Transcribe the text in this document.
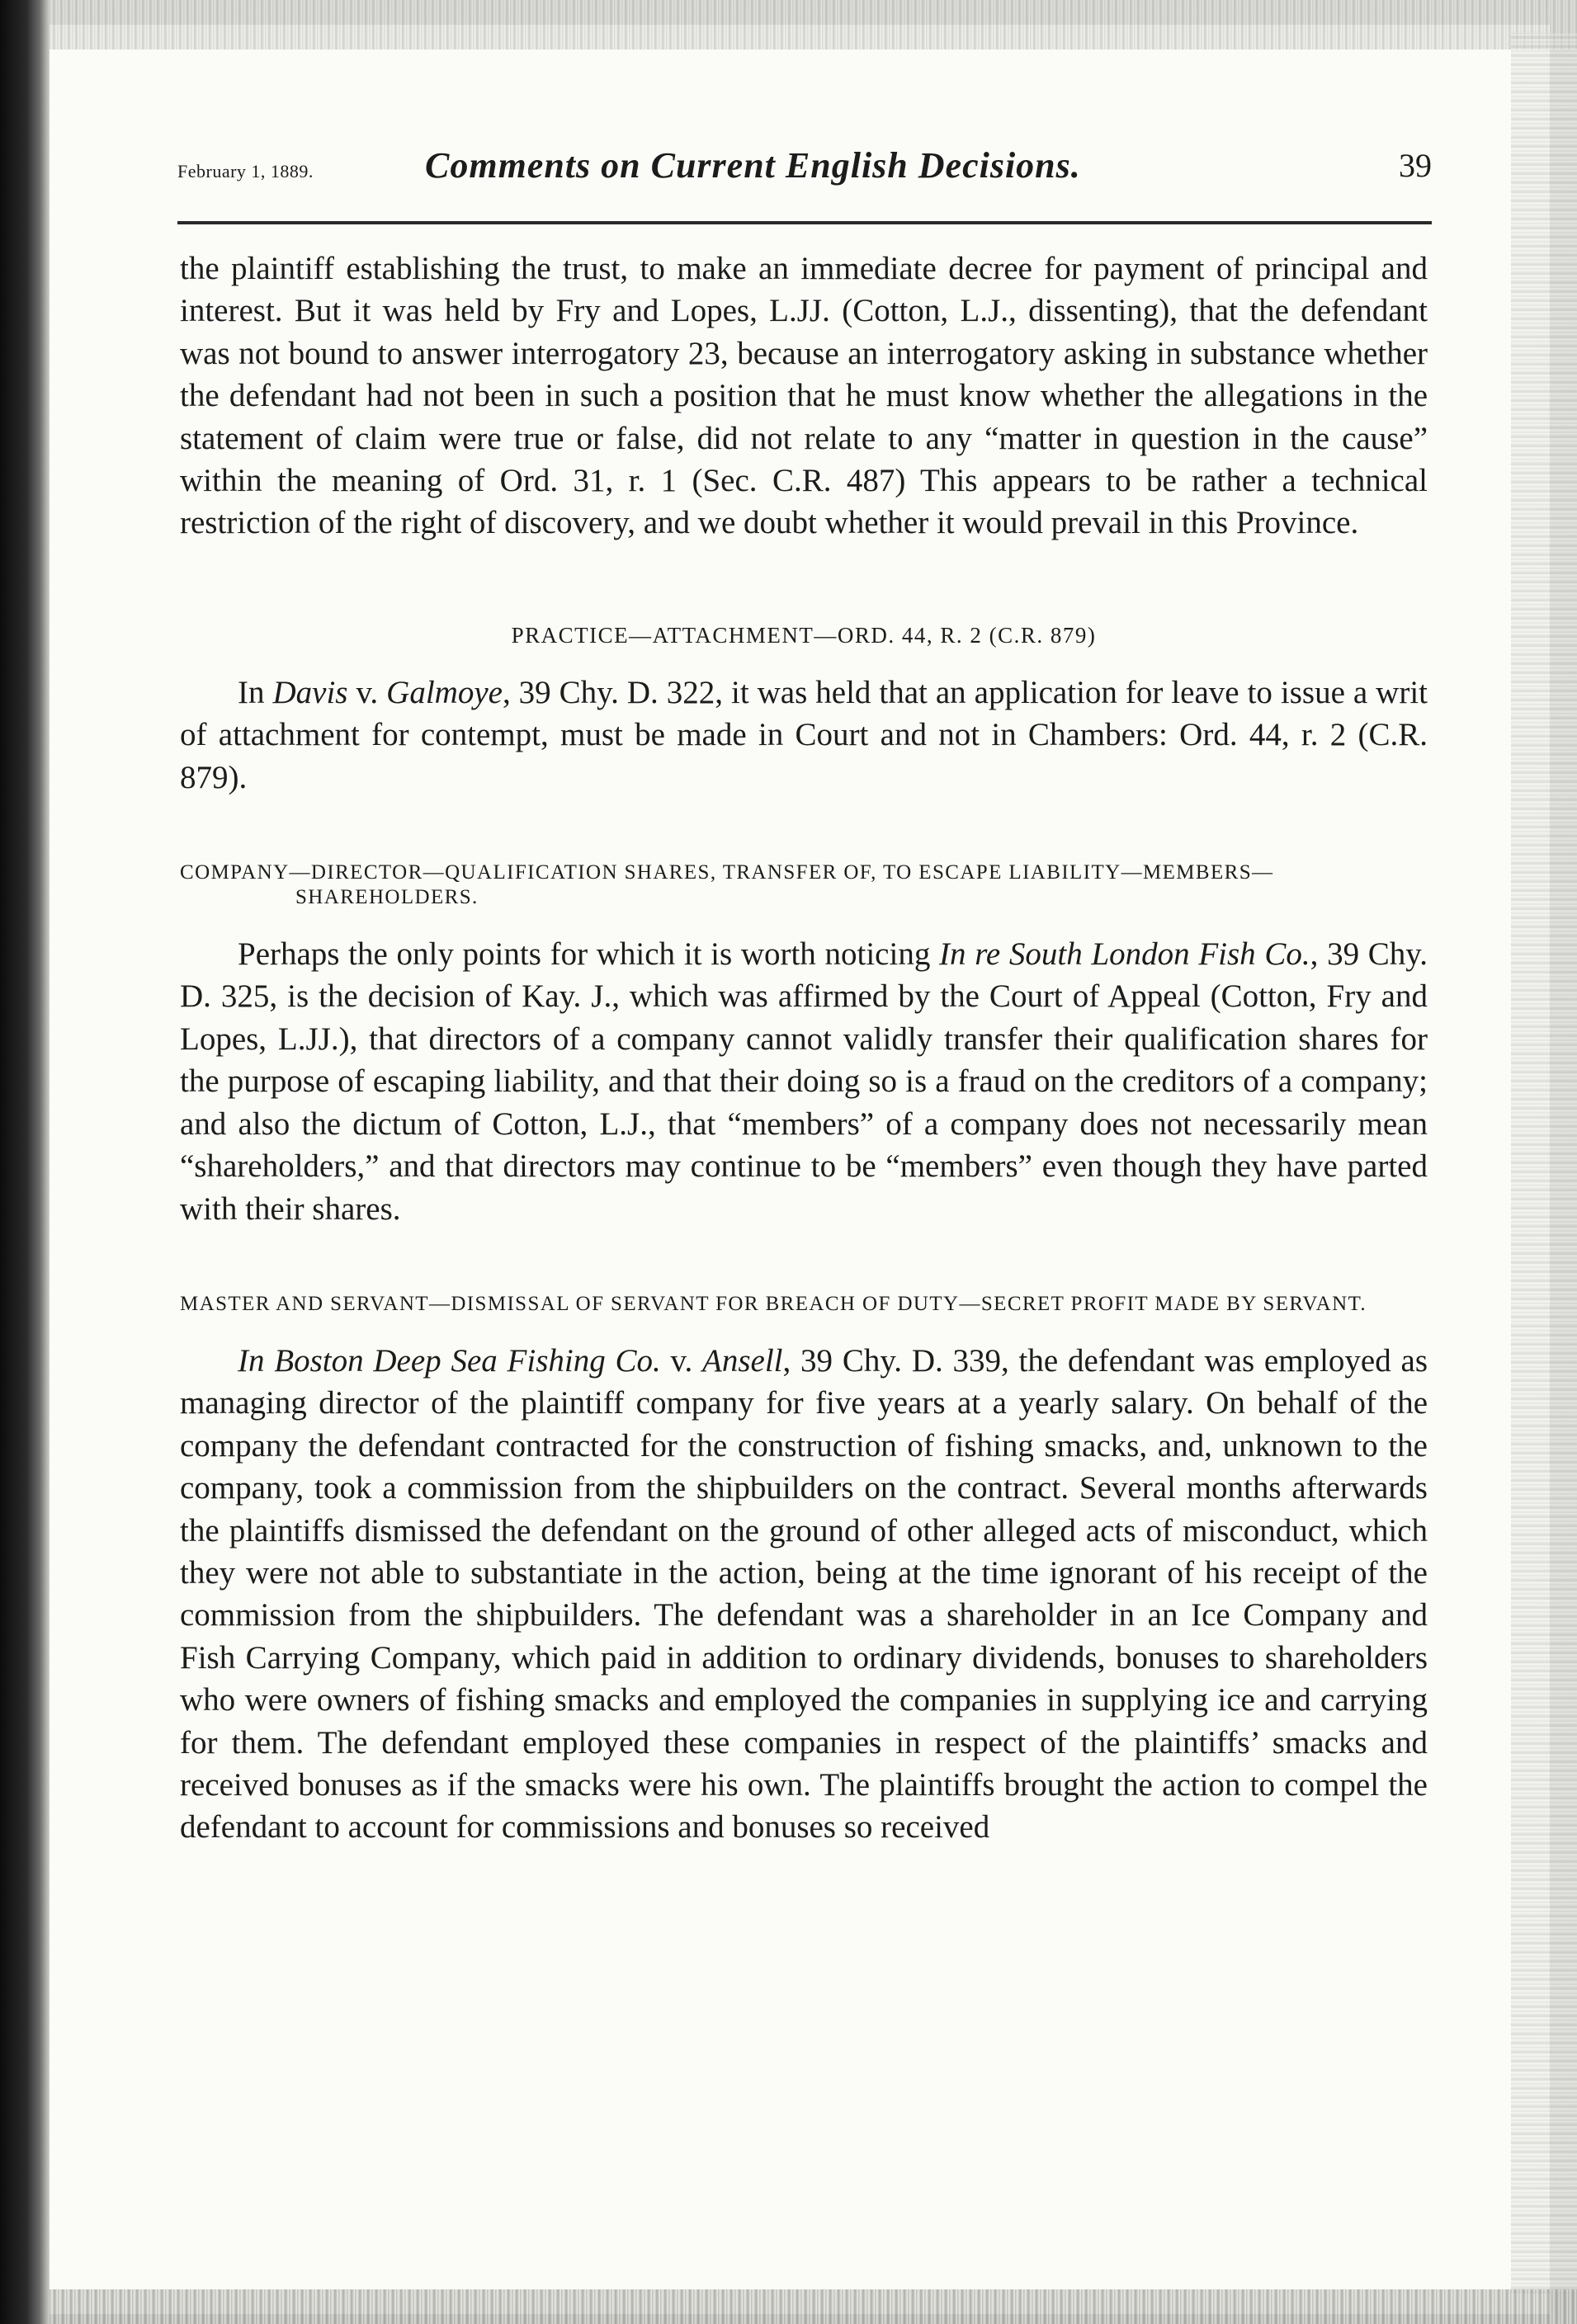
February 1, 1889.	Comments on Current English Decisions.	39

the plaintiff establishing the trust, to make an immediate decree for payment of principal and interest. But it was held by Fry and Lopes, L.JJ. (Cotton, L.J., dissenting), that the defendant was not bound to answer interrogatory 23, because an interrogatory asking in substance whether the defendant had not been in such a position that he must know whether the allegations in the statement of claim were true or false, did not relate to any “matter in question in the cause” within the meaning of Ord. 31, r. 1 (Sec. C.R. 487) This appears to be rather a technical restriction of the right of discovery, and we doubt whether it would prevail in this Province.

PRACTICE—ATTACHMENT—ORD. 44, R. 2 (C.R. 879)

In Davis v. Galmoye, 39 Chy. D. 322, it was held that an application for leave to issue a writ of attachment for contempt, must be made in Court and not in Chambers: Ord. 44, r. 2 (C.R. 879).

COMPANY—DIRECTOR—QUALIFICATION SHARES, TRANSFER OF, TO ESCAPE LIABILITY—MEMBERS—SHAREHOLDERS.

Perhaps the only points for which it is worth noticing In re South London Fish Co., 39 Chy. D. 325, is the decision of Kay. J., which was affirmed by the Court of Appeal (Cotton, Fry and Lopes, L.JJ.), that directors of a company cannot validly transfer their qualification shares for the purpose of escaping liability, and that their doing so is a fraud on the creditors of a company; and also the dictum of Cotton, L.J., that “members” of a company does not necessarily mean “shareholders,” and that directors may continue to be “members” even though they have parted with their shares.

MASTER AND SERVANT—DISMISSAL OF SERVANT FOR BREACH OF DUTY—SECRET PROFIT MADE BY SERVANT.

In Boston Deep Sea Fishing Co. v. Ansell, 39 Chy. D. 339, the defendant was employed as managing director of the plaintiff company for five years at a yearly salary. On behalf of the company the defendant contracted for the construction of fishing smacks, and, unknown to the company, took a commission from the shipbuilders on the contract. Several months afterwards the plaintiffs dismissed the defendant on the ground of other alleged acts of misconduct, which they were not able to substantiate in the action, being at the time ignorant of his receipt of the commission from the shipbuilders. The defendant was a shareholder in an Ice Company and Fish Carrying Company, which paid in addition to ordinary dividends, bonuses to shareholders who were owners of fishing smacks and employed the companies in supplying ice and carrying for them. The defendant employed these companies in respect of the plaintiffs’ smacks and received bonuses as if the smacks were his own. The plaintiffs brought the action to compel the defendant to account for commissions and bonuses so received
